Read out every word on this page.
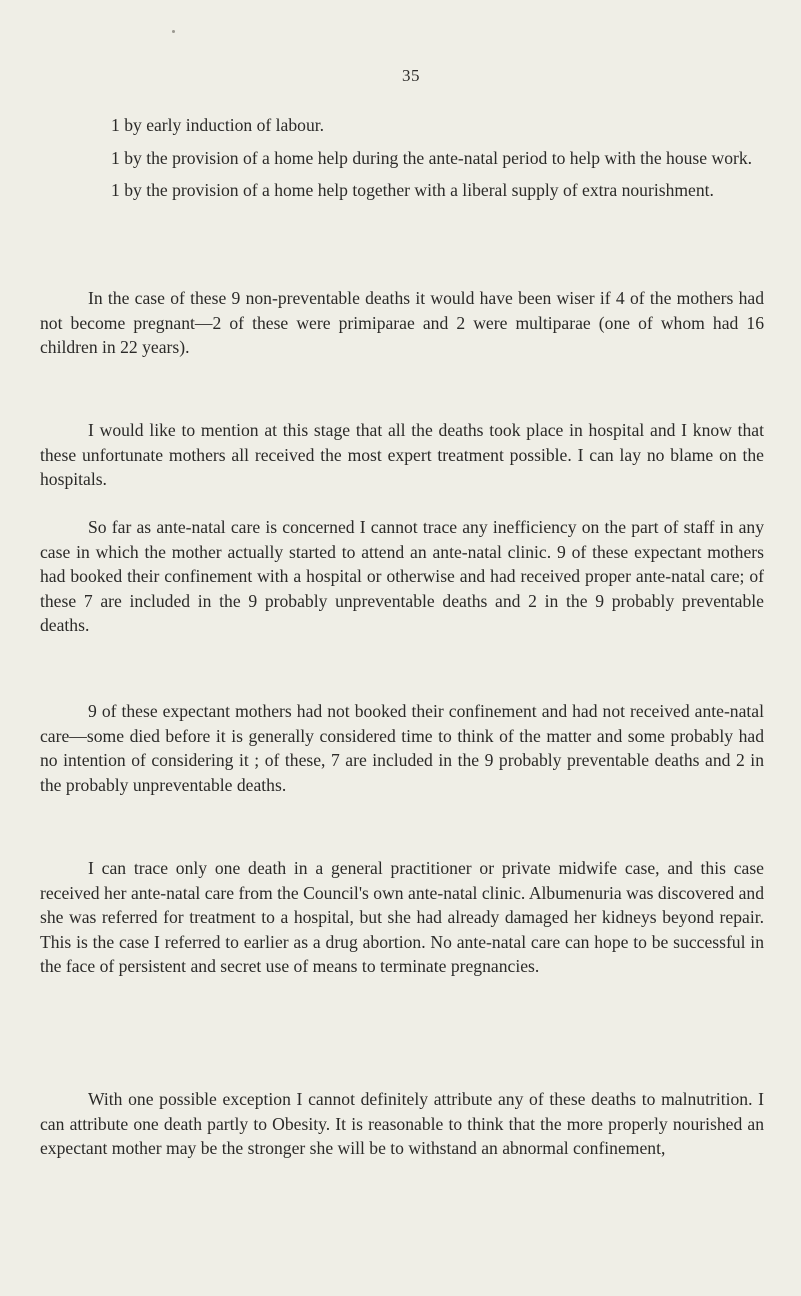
35

1 by early induction of labour.

1 by the provision of a home help during the ante-natal period to help with the house work.

1 by the provision of a home help together with a liberal supply of extra nourishment.

In the case of these 9 non-preventable deaths it would have been wiser if 4 of the mothers had not become pregnant—2 of these were primiparae and 2 were multiparae (one of whom had 16 children in 22 years).

I would like to mention at this stage that all the deaths took place in hospital and I know that these unfortunate mothers all received the most expert treatment possible. I can lay no blame on the hospitals.

So far as ante-natal care is concerned I cannot trace any inefficiency on the part of staff in any case in which the mother actually started to attend an ante-natal clinic. 9 of these expectant mothers had booked their confinement with a hospital or otherwise and had received proper ante-natal care; of these 7 are included in the 9 probably unpreventable deaths and 2 in the 9 probably preventable deaths.

9 of these expectant mothers had not booked their confinement and had not received ante-natal care—some died before it is generally considered time to think of the matter and some probably had no intention of considering it ; of these, 7 are included in the 9 probably preventable deaths and 2 in the probably unpreventable deaths.

I can trace only one death in a general practitioner or private midwife case, and this case received her ante-natal care from the Council's own ante-natal clinic. Albumenuria was discovered and she was referred for treatment to a hospital, but she had already damaged her kidneys beyond repair. This is the case I referred to earlier as a drug abortion. No ante-natal care can hope to be successful in the face of persistent and secret use of means to terminate pregnancies.

With one possible exception I cannot definitely attribute any of these deaths to malnutrition. I can attribute one death partly to Obesity. It is reasonable to think that the more properly nourished an expectant mother may be the stronger she will be to withstand an abnormal confinement,
